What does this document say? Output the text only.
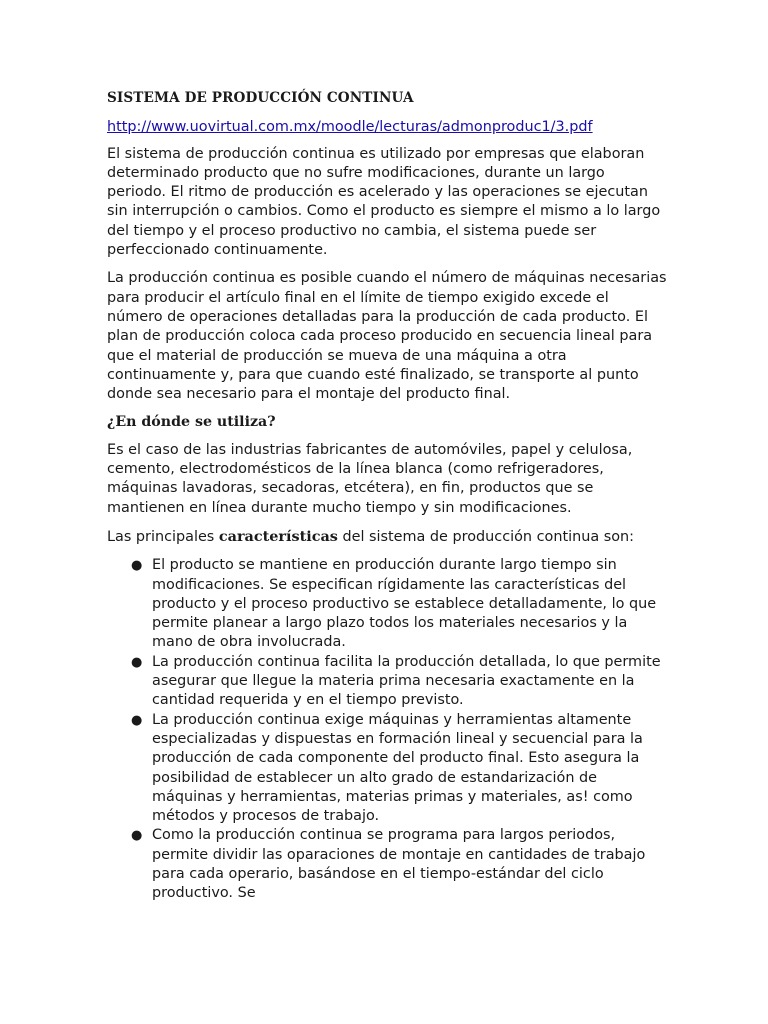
SISTEMA DE PRODUCCIÓN CONTINUA
http://www.uovirtual.com.mx/moodle/lecturas/admonproduc1/3.pdf

El sistema de producción continua es utilizado por empresas que elaboran determinado producto que no sufre modificaciones, durante un largo periodo. El ritmo de producción es acelerado y las operaciones se ejecutan sin interrupción o cambios. Como el producto es siempre el mismo a lo largo del tiempo y el proceso productivo no cambia, el sistema puede ser perfeccionado continuamente.

La producción continua es posible cuando el número de máquinas necesarias para producir el artículo final en el límite de tiempo exigido excede el número de operaciones detalladas para la producción de cada producto. El plan de producción coloca cada proceso producido en secuencia lineal para que el material de producción se mueva de una máquina a otra continuamente y, para que cuando esté finalizado, se transporte al punto donde sea necesario para el montaje del producto final.

¿En dónde se utiliza?

Es el caso de las industrias fabricantes de automóviles, papel y celulosa, cemento, electrodomésticos de la línea blanca (como refrigeradores, máquinas lavadoras, secadoras, etcétera), en fin, productos que se mantienen en línea durante mucho tiempo y sin modificaciones.

Las principales características del sistema de producción continua son:

● El producto se mantiene en producción durante largo tiempo sin modificaciones. Se especifican rígidamente las características del producto y el proceso productivo se establece detalladamente, lo que permite planear a largo plazo todos los materiales necesarios y la mano de obra involucrada.
● La producción continua facilita la producción detallada, lo que permite asegurar que llegue la materia prima necesaria exactamente en la cantidad requerida y en el tiempo previsto.
● La producción continua exige máquinas y herramientas altamente especializadas y dispuestas en formación lineal y secuencial para la producción de cada componente del producto final. Esto asegura la posibilidad de establecer un alto grado de estandarización de máquinas y herramientas, materias primas y materiales, as! como métodos y procesos de trabajo.
● Como la producción continua se programa para largos periodos, permite dividir las oparaciones de montaje en cantidades de trabajo para cada operario, basándose en el tiempo-estándar del ciclo productivo. Se
